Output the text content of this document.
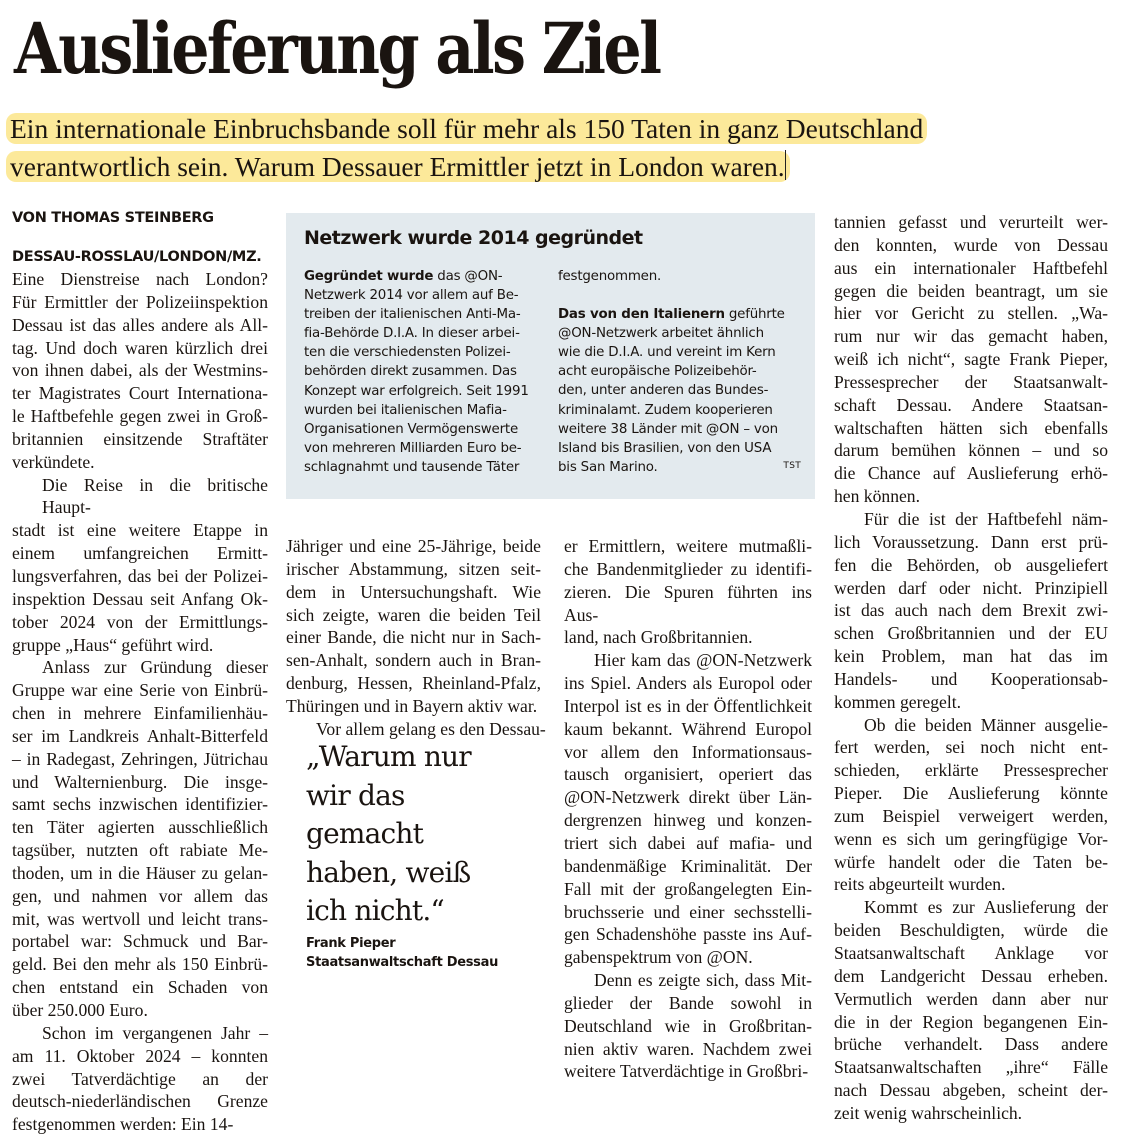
Auslieferung als Ziel
Ein internationale Einbruchsbande soll für mehr als 150 Taten in ganz Deutschland
verantwortlich sein. Warum Dessauer Ermittler jetzt in London waren.
VON THOMAS STEINBERG
DESSAU-ROSSLAU/LONDON/MZ.
Eine Dienstreise nach London?
Für Ermittler der Polizeiinspektion
Dessau ist das alles andere als All-
tag. Und doch waren kürzlich drei
von ihnen dabei, als der Westmins-
ter Magistrates Court Internationa-
le Haftbefehle gegen zwei in Groß-
britannien einsitzende Straftäter
verkündete.
Die Reise in die britische Haupt-
stadt ist eine weitere Etappe in
einem umfangreichen Ermitt-
lungsverfahren, das bei der Polizei-
inspektion Dessau seit Anfang Ok-
tober 2024 von der Ermittlungs-
gruppe „Haus“ geführt wird.
Anlass zur Gründung dieser
Gruppe war eine Serie von Einbrü-
chen in mehrere Einfamilienhäu-
ser im Landkreis Anhalt-Bitterfeld
– in Radegast, Zehringen, Jütrichau
und Walternienburg. Die insge-
samt sechs inzwischen identifizier-
ten Täter agierten ausschließlich
tagsüber, nutzten oft rabiate Me-
thoden, um in die Häuser zu gelan-
gen, und nahmen vor allem das
mit, was wertvoll und leicht trans-
portabel war: Schmuck und Bar-
geld. Bei den mehr als 150 Einbrü-
chen entstand ein Schaden von
über 250.000 Euro.
Schon im vergangenen Jahr –
am 11. Oktober 2024 – konnten
zwei Tatverdächtige an der
deutsch-niederländischen Grenze
festgenommen werden: Ein 14-
Netzwerk wurde 2014 gegründet
Gegründet wurde das @ON-
Netzwerk 2014 vor allem auf Be-
treiben der italienischen Anti-Ma-
fia-Behörde D.I.A. In dieser arbei-
ten die verschiedensten Polizei-
behörden direkt zusammen. Das
Konzept war erfolgreich. Seit 1991
wurden bei italienischen Mafia-
Organisationen Vermögenswerte
von mehreren Milliarden Euro be-
schlagnahmt und tausende Täter
festgenommen.
Das von den Italienern geführte
@ON-Netzwerk arbeitet ähnlich
wie die D.I.A. und vereint im Kern
acht europäische Polizeibehör-
den, unter anderen das Bundes-
kriminalamt. Zudem kooperieren
weitere 38 Länder mit @ON – von
Island bis Brasilien, von den USA
bis San Marino.	TST
Jähriger und eine 25-Jährige, beide
irischer Abstammung, sitzen seit-
dem in Untersuchungshaft. Wie
sich zeigte, waren die beiden Teil
einer Bande, die nicht nur in Sach-
sen-Anhalt, sondern auch in Bran-
denburg, Hessen, Rheinland-Pfalz,
Thüringen und in Bayern aktiv war.
Vor allem gelang es den Dessau-
„Warum nur
wir das
gemacht
haben, weiß
ich nicht.“
Frank Pieper
Staatsanwaltschaft Dessau
er Ermittlern, weitere mutmaßli-
che Bandenmitglieder zu identifi-
zieren. Die Spuren führten ins Aus-
land, nach Großbritannien.
Hier kam das @ON-Netzwerk
ins Spiel. Anders als Europol oder
Interpol ist es in der Öffentlichkeit
kaum bekannt. Während Europol
vor allem den Informationsaus-
tausch organisiert, operiert das
@ON-Netzwerk direkt über Län-
dergrenzen hinweg und konzen-
triert sich dabei auf mafia- und
bandenmäßige Kriminalität. Der
Fall mit der großangelegten Ein-
bruchsserie und einer sechsstelli-
gen Schadenshöhe passte ins Auf-
gabenspektrum von @ON.
Denn es zeigte sich, dass Mit-
glieder der Bande sowohl in
Deutschland wie in Großbritan-
nien aktiv waren. Nachdem zwei
weitere Tatverdächtige in Großbri-
tannien gefasst und verurteilt wer-
den konnten, wurde von Dessau
aus ein internationaler Haftbefehl
gegen die beiden beantragt, um sie
hier vor Gericht zu stellen. „Wa-
rum nur wir das gemacht haben,
weiß ich nicht“, sagte Frank Pieper,
Pressesprecher der Staatsanwalt-
schaft Dessau. Andere Staatsan-
waltschaften hätten sich ebenfalls
darum bemühen können – und so
die Chance auf Auslieferung erhö-
hen können.
Für die ist der Haftbefehl näm-
lich Voraussetzung. Dann erst prü-
fen die Behörden, ob ausgeliefert
werden darf oder nicht. Prinzipiell
ist das auch nach dem Brexit zwi-
schen Großbritannien und der EU
kein Problem, man hat das im
Handels- und Kooperationsab-
kommen geregelt.
Ob die beiden Männer ausgelie-
fert werden, sei noch nicht ent-
schieden, erklärte Pressesprecher
Pieper. Die Auslieferung könnte
zum Beispiel verweigert werden,
wenn es sich um geringfügige Vor-
würfe handelt oder die Taten be-
reits abgeurteilt wurden.
Kommt es zur Auslieferung der
beiden Beschuldigten, würde die
Staatsanwaltschaft Anklage vor
dem Landgericht Dessau erheben.
Vermutlich werden dann aber nur
die in der Region begangenen Ein-
brüche verhandelt. Dass andere
Staatsanwaltschaften „ihre“ Fälle
nach Dessau abgeben, scheint der-
zeit wenig wahrscheinlich.
